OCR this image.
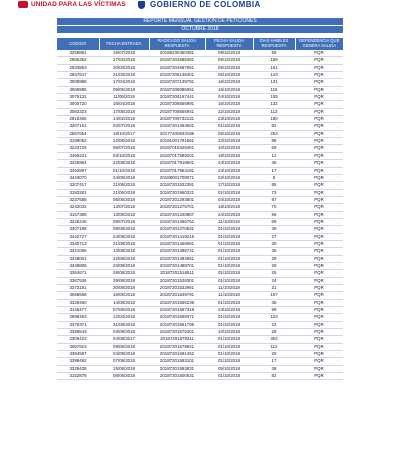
UNIDAD PARA LAS VÍCTIMAS	GOBIERNO DE COLOMBIA
REPORTE MENSUAL GESTION DE PETICIONES
OCTUBRE 2018
CODIGO	FECHA ENTRADA	RADICADO SALIDA RESPUESTA	FECHA SALIDA RESPUESTA	DIAS HABILES RESPUESTA	DEPENDENCIA QUE GENERA SALIDA
3258881	19/07/2018	20186230450381	09/10/2018	59	PQR
2866362	27/02/2018	20187204585391	05/10/2018	159	PQR
2933853	20/03/2018	20187204587651	05/10/2018	151	PQR
2937647	21/03/2018	20187206136401	05/10/2018	143	PQR
3008988	17/04/2018	20187207139791	16/10/2018	131	PQR
3069985	09/05/2018	20187208086061	16/10/2018	115	PQR
3079131	11/05/2018	20187208167441	04/10/2018	105	PQR
3000720	16/04/2018	20187208556991	16/10/2018	132	PQR
3083323	17/05/2018	20187708656941	22/10/2018	113	PQR
2818465	14/02/2018	20187709732131	23/10/2018	180	PQR
3207151	02/07/2018	20187201364501	01/10/2018	82	PQR
2567654	18/10/2017	20177200833185	05/10/2018	253	PQR
3189052	22/06/2018	20181001791561	23/10/2018	88	PQR
3223725	06/07/2018	20187016329461	10/10/2018	69	PQR
3469221	03/10/2018	20187017589201	18/10/2018	12	PQR
3345954	22/08/2018	20187017918601	23/10/2018	45	PQR
3462897	01/10/2018	20187017964181	23/10/2018	17	PQR
3443070	24/09/2018	20188001709071	03/10/2018	8	PQR
3207417	21/06/2018	20187201532381	17/10/2018	85	PQR
3183281	21/06/2018	20187201960321	01/10/2018	73	PQR
3237685	06/06/2018	20187201293501	04/10/2018	87	PQR
3242032	13/07/2018	20187201275701	18/10/2018	70	PQR
3157385	13/06/2018	20187201340867	24/10/2018	96	PQR
3225246	09/07/2018	20187201366762	11/10/2018	69	PQR
3307188	08/08/2018	20187201370531	01/10/2018	39	PQR
3442727	24/09/2018	20187201419215	01/10/2018	27	PQR
3340713	21/08/2018	20187201468681	01/10/2018	30	PQR
3321056	13/08/2018	20187201486741	01/10/2018	36	PQR
3348001	22/08/2018	20187201484551	01/10/2018	29	PQR
3349808	23/08/2018	20187201488701	01/10/2018	28	PQR
3364671	28/08/2018	20187201518511	01/10/2018	25	PQR
3367536	29/08/2018	20187201526301	01/10/2018	24	PQR
3373181	30/08/2018	20187201532961	11/10/2018	31	PQR
3086568	16/05/2018	20187201549791	11/10/2018	107	PQR
3328460	14/08/2018	20187201556236	01/10/2018	35	PQR
3146477	07/06/2018	20187201557318	23/10/2018	99	PQR
2998453	12/04/2018	20187201559371	01/10/2018	123	PQR
3376371	31/08/2018	20187201561795	01/10/2018	22	PQR
3396543	03/09/2018	20187201576301	10/10/2018	28	PQR
2309423	04/08/2017	20187201579311	01/10/2018	302	PQR
3067823	09/05/2018	20187201579841	01/10/2018	112	PQR
3384587	04/09/2018	20187201581452	01/10/2018	20	PQR
3398492	07/09/2018	20187201583101	01/10/2018	17	PQR
3329435	15/08/2018	20187201583831	05/10/2018	38	PQR
3152878	08/06/2018	20187201600631	01/10/2018	82	PQR
